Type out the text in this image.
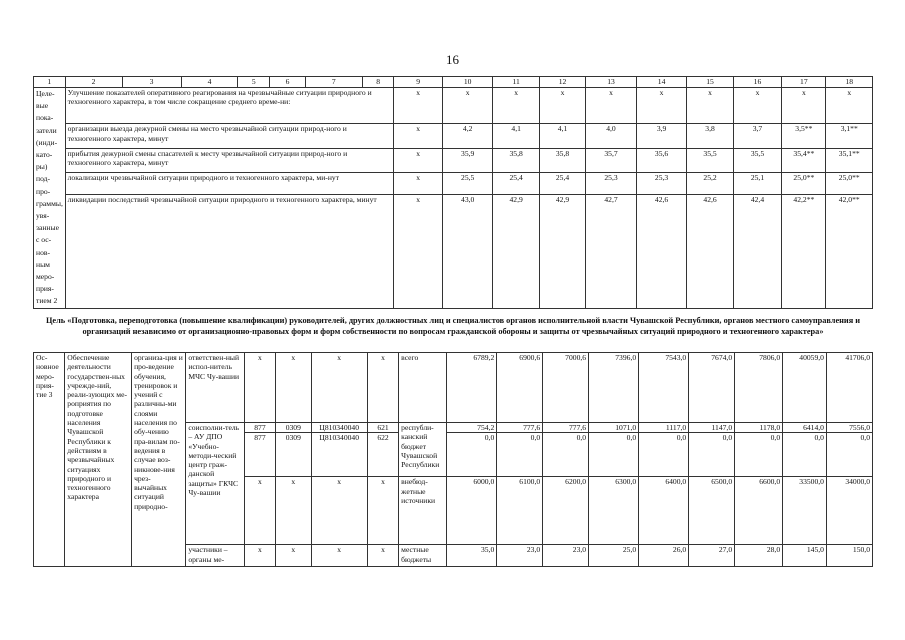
16
1	2	3	4	5	6	7	8	9	10	11	12	13	14	15	16	17	18
Целе-вые пока-затели (инди-като-ры) под-про-граммы, увя-занные с ос-нов-ным меро-прия-тием 2	Улучшение показателей оперативного реагирования на чрезвычайные ситуации природного и техногенного характера, в том числе сокращение среднего време-ни:							x	x	x	x	x	x	x	x	x	x
	организации выезда дежурной смены на место чрезвычайной ситуации природ-ного и техногенного характера, минут							x	4,2	4,1	4,1	4,0	3,9	3,8	3,7	3,5**	3,1**
	прибытия дежурной смены спасателей к месту чрезвычайной ситуации природ-ного и техногенного характера, минут							x	35,9	35,8	35,8	35,7	35,6	35,5	35,5	35,4**	35,1**
	локализации чрезвычайной ситуации природного и техногенного характера, ми-нут							x	25,5	25,4	25,4	25,3	25,3	25,2	25,1	25,0**	25,0**
	ликвидации последствий чрезвычайной ситуации природного и техногенного характера, минут							x	43,0	42,9	42,9	42,7	42,6	42,6	42,4	42,2**	42,0**
Цель «Подготовка, переподготовка (повышение квалификации) руководителей, других должностных лиц и специалистов органов исполнительной власти Чувашской Республики, органов местного самоуправления и организаций независимо от организационно-правовых форм и форм собственности по вопросам гражданской обороны и защиты от чрезвычайных ситуаций природного и техногенного характера»
Ос-новное меро-прия-тие 3	Обеспечение деятельности государствен-ных учрежде-ний, реали-зующих ме-роприятия по подготовке населения Чувашской Республики к действиям в чрезвычайных ситуациях природного и техногенного характера	организа-ция и про-ведение обучения, тренировок и учений с различны-ми слоями населения по обу-чению пра-вилам по-ведения в случае воз-никнове-ния чрез-вычайных ситуаций природно-	ответствен-ный испол-нитель МЧС Чу-вашии	x	x	x	x	всего	6789,2	6900,6	7000,6	7396,0	7543,0	7674,0	7806,0	40059,0	41706,0
			соисполни-тель – АУ ДПО «Учебно-методи-ческий центр граж-данской защиты» ГКЧС Чу-вашии	877	0309	Ц810340040	621	республи-канский бюджет Чувашской Республики	754,2	777,6	777,6	1071,0	1117,0	1147,0	1178,0	6414,0	7556,0
				877	0309	Ц810340040	622		0,0	0,0	0,0	0,0	0,0	0,0	0,0	0,0	0,0
				x	x	x	x	внебюд-жетные источники	6000,0	6100,0	6200,0	6300,0	6400,0	6500,0	6600,0	33500,0	34000,0
			участники – органы ме-	x	x	x	x	местные бюджеты	35,0	23,0	23,0	25,0	26,0	27,0	28,0	145,0	150,0
